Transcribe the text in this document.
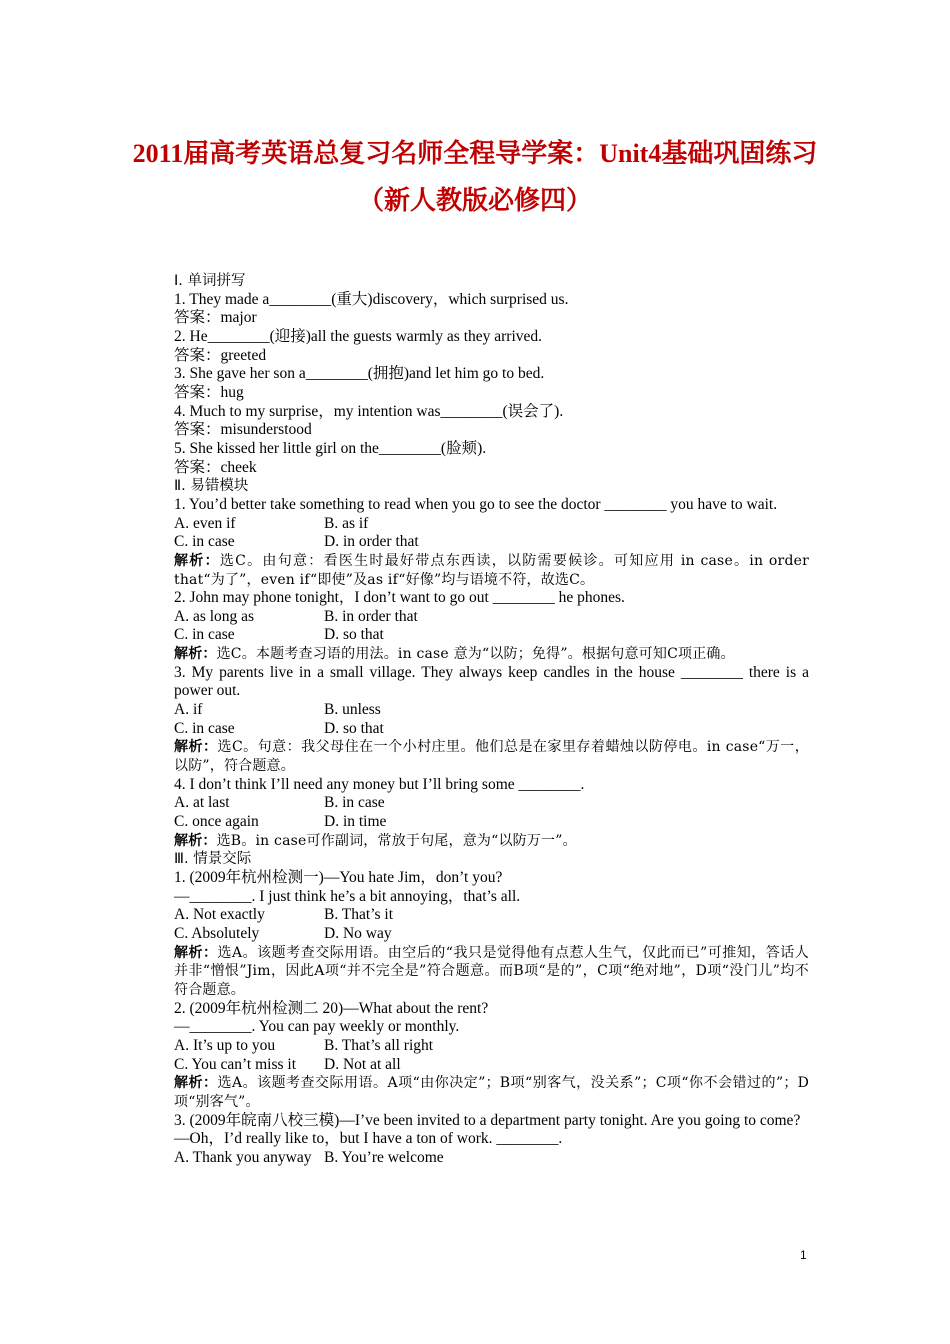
2011届高考英语总复习名师全程导学案：Unit4基础巩固练习（新人教版必修四）
Ⅰ. 单词拼写
1. They made a________(重大)discovery，which surprised us.
答案：major
2. He________(迎接)all the guests warmly as they arrived.
答案：greeted
3. She gave her son a________(拥抱)and let him go to bed.
答案：hug
4. Much to my surprise，my intention was________(误会了).
答案：misunderstood
5. She kissed her little girl on the________(脸颊).
答案：cheek
Ⅱ. 易错模块
1. You’d better take something to read when you go to see the doctor ________ you have to wait.
A. even if	B. as if
C. in case	D. in order that
解析：选C。由句意：看医生时最好带点东西读，以防需要候诊。可知应用 in case。in order that“为了”，even if“即使”及as if“好像”均与语境不符，故选C。
2. John may phone tonight，I don’t want to go out ________ he phones.
A. as long as	B. in order that
C. in case	D. so that
解析：选C。本题考查习语的用法。in case 意为“以防；免得”。根据句意可知C项正确。
3. My parents live in a small village. They always keep candles in the house ________ there is a power out.
A. if	B. unless
C. in case	D. so that
解析：选C。句意：我父母住在一个小村庄里。他们总是在家里存着蜡烛以防停电。in case“万一，以防”，符合题意。
4. I don’t think I’ll need any money but I’ll bring some ________.
A. at last	B. in case
C. once again	D. in time
解析：选B。in case可作副词，常放于句尾，意为“以防万一”。
Ⅲ. 情景交际
1. (2009年杭州检测一)—You hate Jim，don’t you?
—________. I just think he’s a bit annoying，that’s all.
A. Not exactly	B. That’s it
C. Absolutely	D. No way
解析：选A。该题考查交际用语。由空后的“我只是觉得他有点惹人生气，仅此而已”可推知，答话人并非“憎恨”Jim，因此A项“并不完全是”符合题意。而B项“是的”，C项“绝对地”，D项“没门儿”均不符合题意。
2. (2009年杭州检测二 20)—What about the rent?
—________. You can pay weekly or monthly.
A. It’s up to you	B. That’s all right
C. You can’t miss it D. Not at all
解析：选A。该题考查交际用语。A项“由你决定”；B项“别客气，没关系”；C项“你不会错过的”；D项“别客气”。
3. (2009年皖南八校三模)—I’ve been invited to a department party tonight. Are you going to come?
—Oh，I’d really like to，but I have a ton of work. ________.
A. Thank you anyway B. You’re welcome
1
